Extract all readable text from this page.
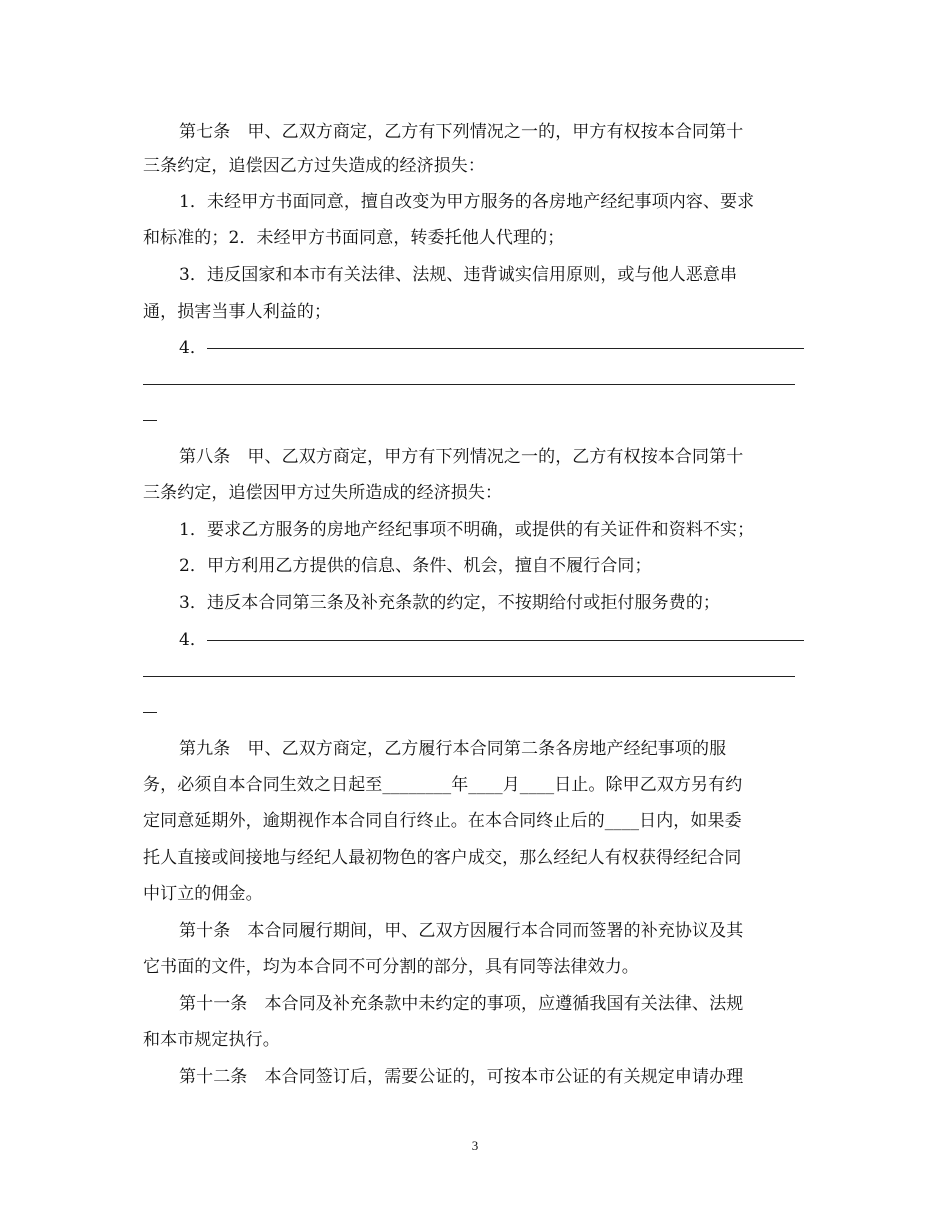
第七条　甲、乙双方商定，乙方有下列情况之一的，甲方有权按本合同第十
三条约定，追偿因乙方过失造成的经济损失：
1．未经甲方书面同意，擅自改变为甲方服务的各房地产经纪事项内容、要求
和标准的；2．未经甲方书面同意，转委托他人代理的；
3．违反国家和本市有关法律、法规、违背诚实信用原则，或与他人恶意串
通，损害当事人利益的；
4．
第八条　甲、乙双方商定，甲方有下列情况之一的，乙方有权按本合同第十
三条约定，追偿因甲方过失所造成的经济损失：
1．要求乙方服务的房地产经纪事项不明确，或提供的有关证件和资料不实；
2．甲方利用乙方提供的信息、条件、机会，擅自不履行合同；
3．违反本合同第三条及补充条款的约定，不按期给付或拒付服务费的；
4．
第九条　甲、乙双方商定，乙方履行本合同第二条各房地产经纪事项的服
务，必须自本合同生效之日起至________年____月____日止。除甲乙双方另有约
定同意延期外，逾期视作本合同自行终止。在本合同终止后的____日内，如果委
托人直接或间接地与经纪人最初物色的客户成交，那么经纪人有权获得经纪合同
中订立的佣金。
第十条　本合同履行期间，甲、乙双方因履行本合同而签署的补充协议及其
它书面的文件，均为本合同不可分割的部分，具有同等法律效力。
第十一条　本合同及补充条款中未约定的事项，应遵循我国有关法律、法规
和本市规定执行。
第十二条　本合同签订后，需要公证的，可按本市公证的有关规定申请办理
3
